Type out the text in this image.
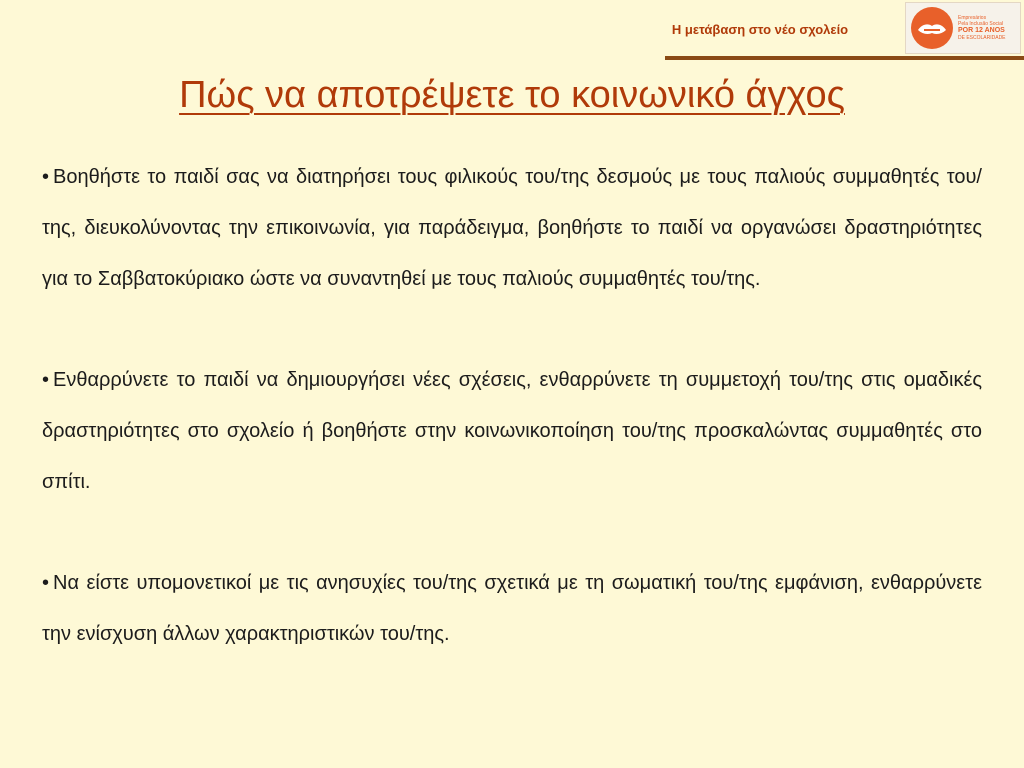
Η μετάβαση στο νέο σχολείο
Empresários
Pela Inclusão Social
POR 12 ANOS
DE ESCOLARIDADE
Πώς να αποτρέψετε το κοινωνικό άγχος

• Βοηθήστε το παιδί σας να διατηρήσει τους φιλικούς του/της δεσμούς με τους παλιούς συμμαθητές του/της, διευκολύνοντας την επικοινωνία, για παράδειγμα, βοηθήστε το παιδί να οργανώσει δραστηριότητες για το Σαββατοκύριακο ώστε να συναντηθεί με τους παλιούς συμμαθητές του/της.

• Ενθαρρύνετε το παιδί να δημιουργήσει νέες σχέσεις, ενθαρρύνετε τη συμμετοχή του/της στις ομαδικές δραστηριότητες στο σχολείο ή βοηθήστε στην κοινωνικοποίηση του/της προσκαλώντας συμμαθητές στο σπίτι.

• Να είστε υπομονετικοί με τις ανησυχίες του/της σχετικά με τη σωματική του/της εμφάνιση, ενθαρρύνετε την ενίσχυση άλλων χαρακτηριστικών του/της.
